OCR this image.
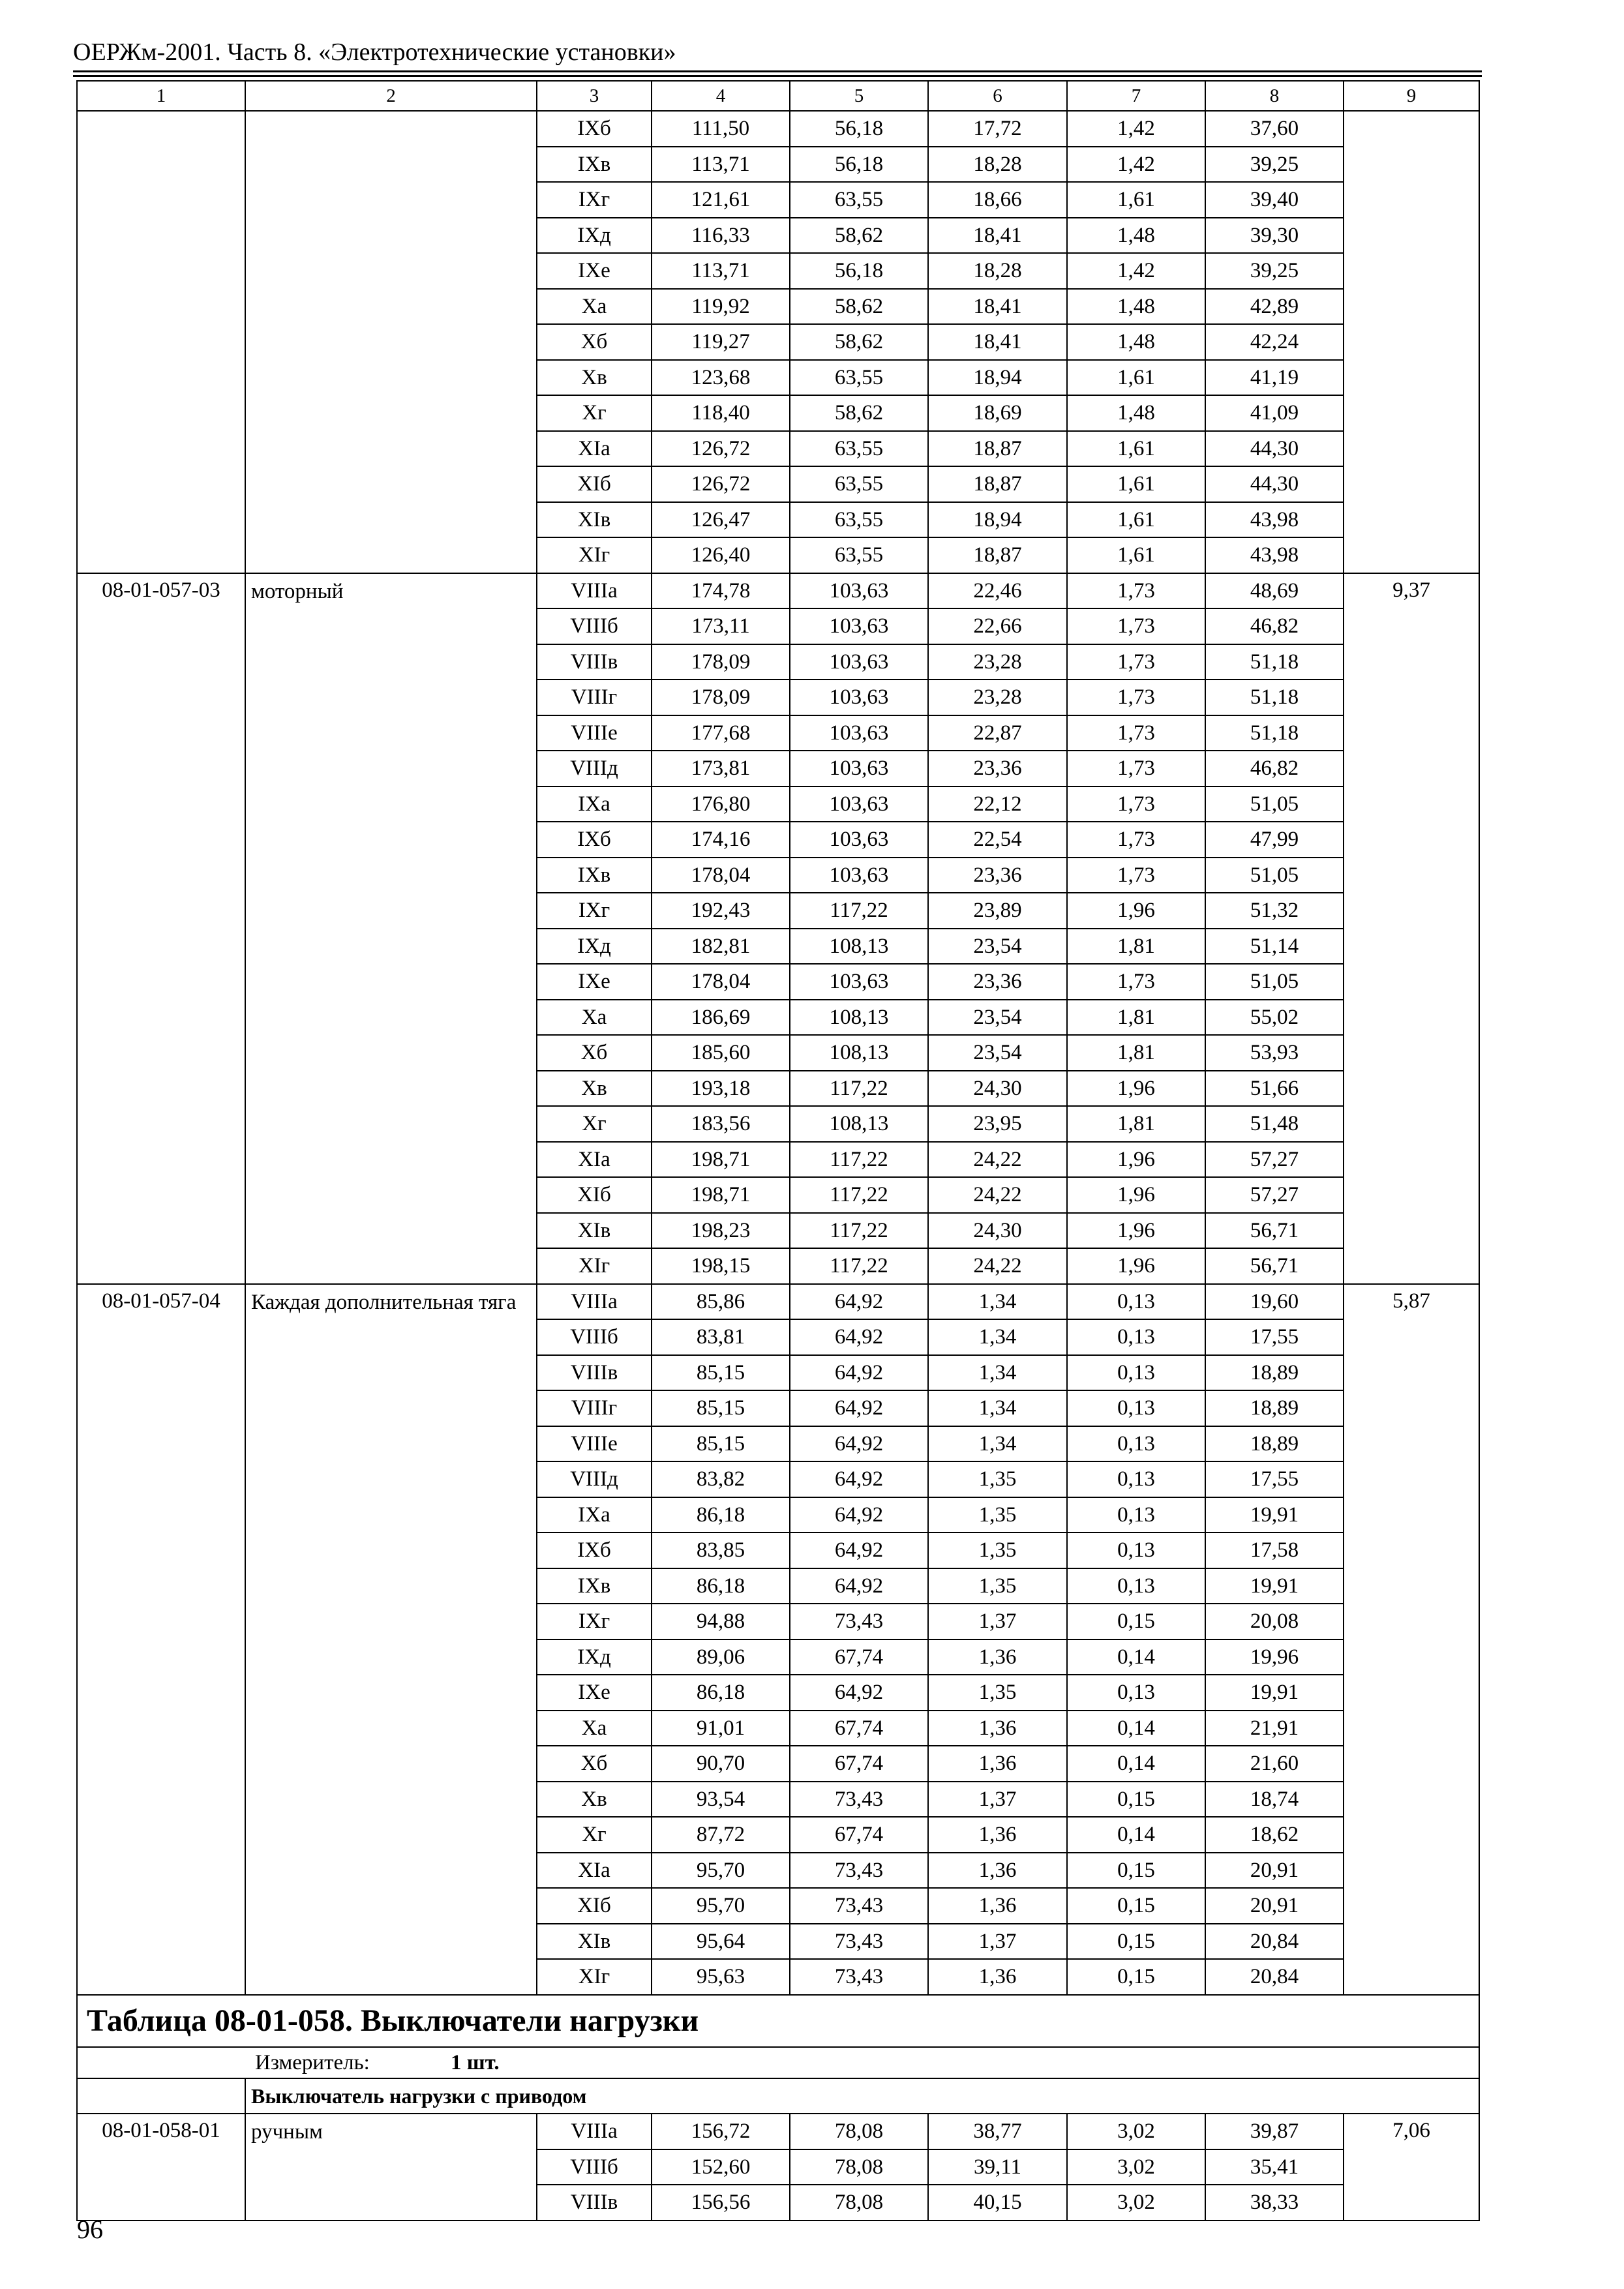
ОЕРЖм-2001. Часть 8. «Электротехнические установки»
1	2	3	4	5	6	7	8	9
		IXб	111,50	56,18	17,72	1,42	37,60	
		IXв	113,71	56,18	18,28	1,42	39,25	
		IXг	121,61	63,55	18,66	1,61	39,40	
		IXд	116,33	58,62	18,41	1,48	39,30	
		IXе	113,71	56,18	18,28	1,42	39,25	
		Xа	119,92	58,62	18,41	1,48	42,89	
		Xб	119,27	58,62	18,41	1,48	42,24	
		Xв	123,68	63,55	18,94	1,61	41,19	
		Xг	118,40	58,62	18,69	1,48	41,09	
		XIа	126,72	63,55	18,87	1,61	44,30	
		XIб	126,72	63,55	18,87	1,61	44,30	
		XIв	126,47	63,55	18,94	1,61	43,98	
		XIг	126,40	63,55	18,87	1,61	43,98	
08-01-057-03	моторный	VIIIа	174,78	103,63	22,46	1,73	48,69	9,37
		VIIIб	173,11	103,63	22,66	1,73	46,82	
		VIIIв	178,09	103,63	23,28	1,73	51,18	
		VIIIг	178,09	103,63	23,28	1,73	51,18	
		VIIIе	177,68	103,63	22,87	1,73	51,18	
		VIIIд	173,81	103,63	23,36	1,73	46,82	
		IXа	176,80	103,63	22,12	1,73	51,05	
		IXб	174,16	103,63	22,54	1,73	47,99	
		IXв	178,04	103,63	23,36	1,73	51,05	
		IXг	192,43	117,22	23,89	1,96	51,32	
		IXд	182,81	108,13	23,54	1,81	51,14	
		IXе	178,04	103,63	23,36	1,73	51,05	
		Xа	186,69	108,13	23,54	1,81	55,02	
		Xб	185,60	108,13	23,54	1,81	53,93	
		Xв	193,18	117,22	24,30	1,96	51,66	
		Xг	183,56	108,13	23,95	1,81	51,48	
		XIа	198,71	117,22	24,22	1,96	57,27	
		XIб	198,71	117,22	24,22	1,96	57,27	
		XIв	198,23	117,22	24,30	1,96	56,71	
		XIг	198,15	117,22	24,22	1,96	56,71	
08-01-057-04	Каждая дополнительная тяга	VIIIа	85,86	64,92	1,34	0,13	19,60	5,87
		VIIIб	83,81	64,92	1,34	0,13	17,55	
		VIIIв	85,15	64,92	1,34	0,13	18,89	
		VIIIг	85,15	64,92	1,34	0,13	18,89	
		VIIIе	85,15	64,92	1,34	0,13	18,89	
		VIIIд	83,82	64,92	1,35	0,13	17,55	
		IXа	86,18	64,92	1,35	0,13	19,91	
		IXб	83,85	64,92	1,35	0,13	17,58	
		IXв	86,18	64,92	1,35	0,13	19,91	
		IXг	94,88	73,43	1,37	0,15	20,08	
		IXд	89,06	67,74	1,36	0,14	19,96	
		IXе	86,18	64,92	1,35	0,13	19,91	
		Xа	91,01	67,74	1,36	0,14	21,91	
		Xб	90,70	67,74	1,36	0,14	21,60	
		Xв	93,54	73,43	1,37	0,15	18,74	
		Xг	87,72	67,74	1,36	0,14	18,62	
		XIа	95,70	73,43	1,36	0,15	20,91	
		XIб	95,70	73,43	1,36	0,15	20,91	
		XIв	95,64	73,43	1,37	0,15	20,84	
		XIг	95,63	73,43	1,36	0,15	20,84	
Таблица 08-01-058. Выключатели нагрузки								
Измеритель: 1 шт.								
	Выключатель нагрузки с приводом							
08-01-058-01	ручным	VIIIа	156,72	78,08	38,77	3,02	39,87	7,06
		VIIIб	152,60	78,08	39,11	3,02	35,41	
		VIIIв	156,56	78,08	40,15	3,02	38,33	
96
